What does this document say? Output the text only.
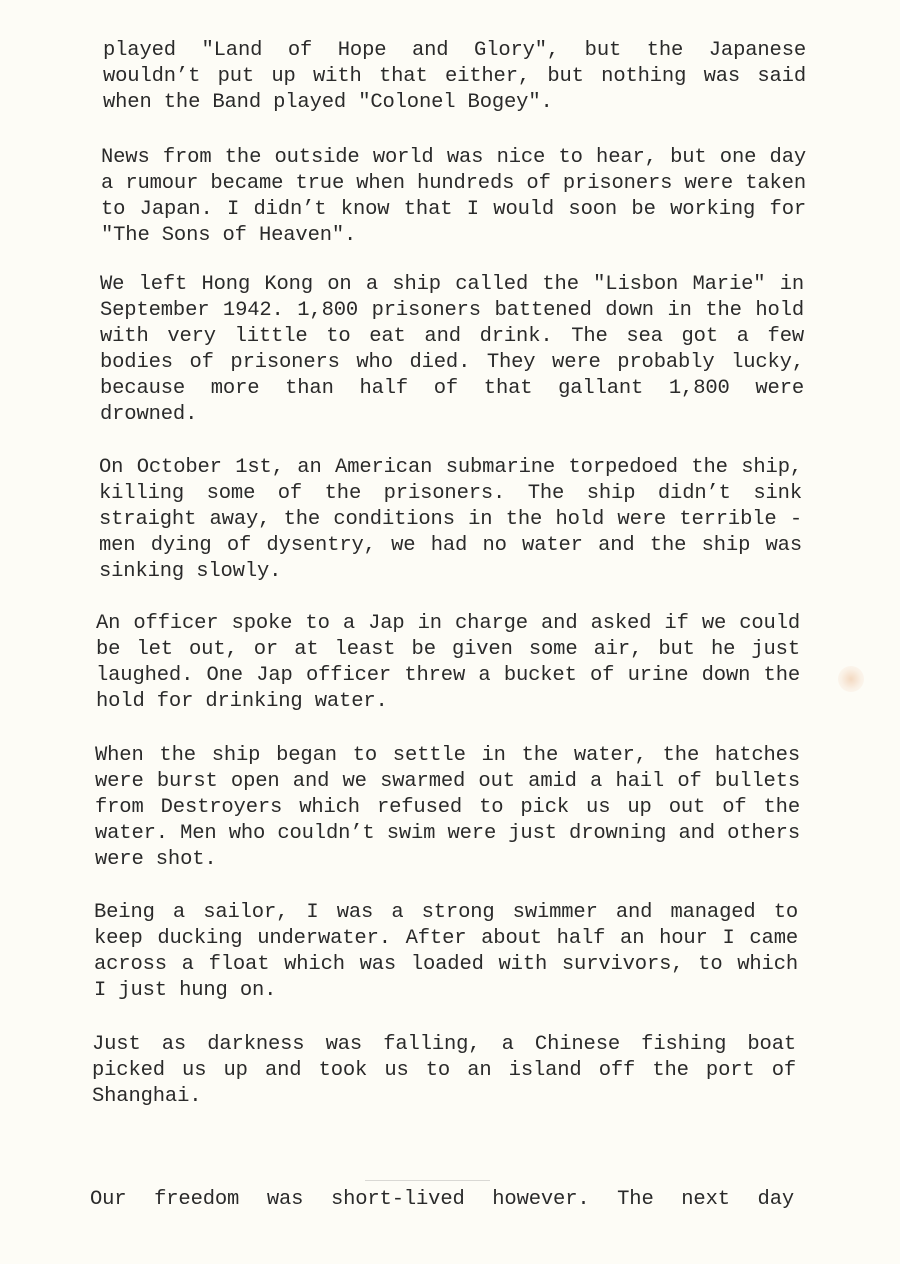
played "Land of Hope and Glory", but the Japanese wouldn’t put up with that either, but nothing was said when the Band played "Colonel Bogey".

News from the outside world was nice to hear, but one day a rumour became true when hundreds of prisoners were taken to Japan. I didn’t know that I would soon be working for "The Sons of Heaven".

We left Hong Kong on a ship called the "Lisbon Marie" in September 1942. 1,800 prisoners battened down in the hold with very little to eat and drink. The sea got a few bodies of prisoners who died. They were probably lucky, because more than half of that gallant 1,800 were drowned.

On October 1st, an American submarine torpedoed the ship, killing some of the prisoners. The ship didn’t sink straight away, the conditions in the hold were terrible - men dying of dysentry, we had no water and the ship was sinking slowly.

An officer spoke to a Jap in charge and asked if we could be let out, or at least be given some air, but he just laughed. One Jap officer threw a bucket of urine down the hold for drinking water.

When the ship began to settle in the water, the hatches were burst open and we swarmed out amid a hail of bullets from Destroyers which refused to pick us up out of the water. Men who couldn’t swim were just drowning and others were shot.

Being a sailor, I was a strong swimmer and managed to keep ducking underwater. After about half an hour I came across a float which was loaded with survivors, to which I just hung on.

Just as darkness was falling, a Chinese fishing boat picked us up and took us to an island off the port of Shanghai.

Our freedom was short-lived however. The next day
